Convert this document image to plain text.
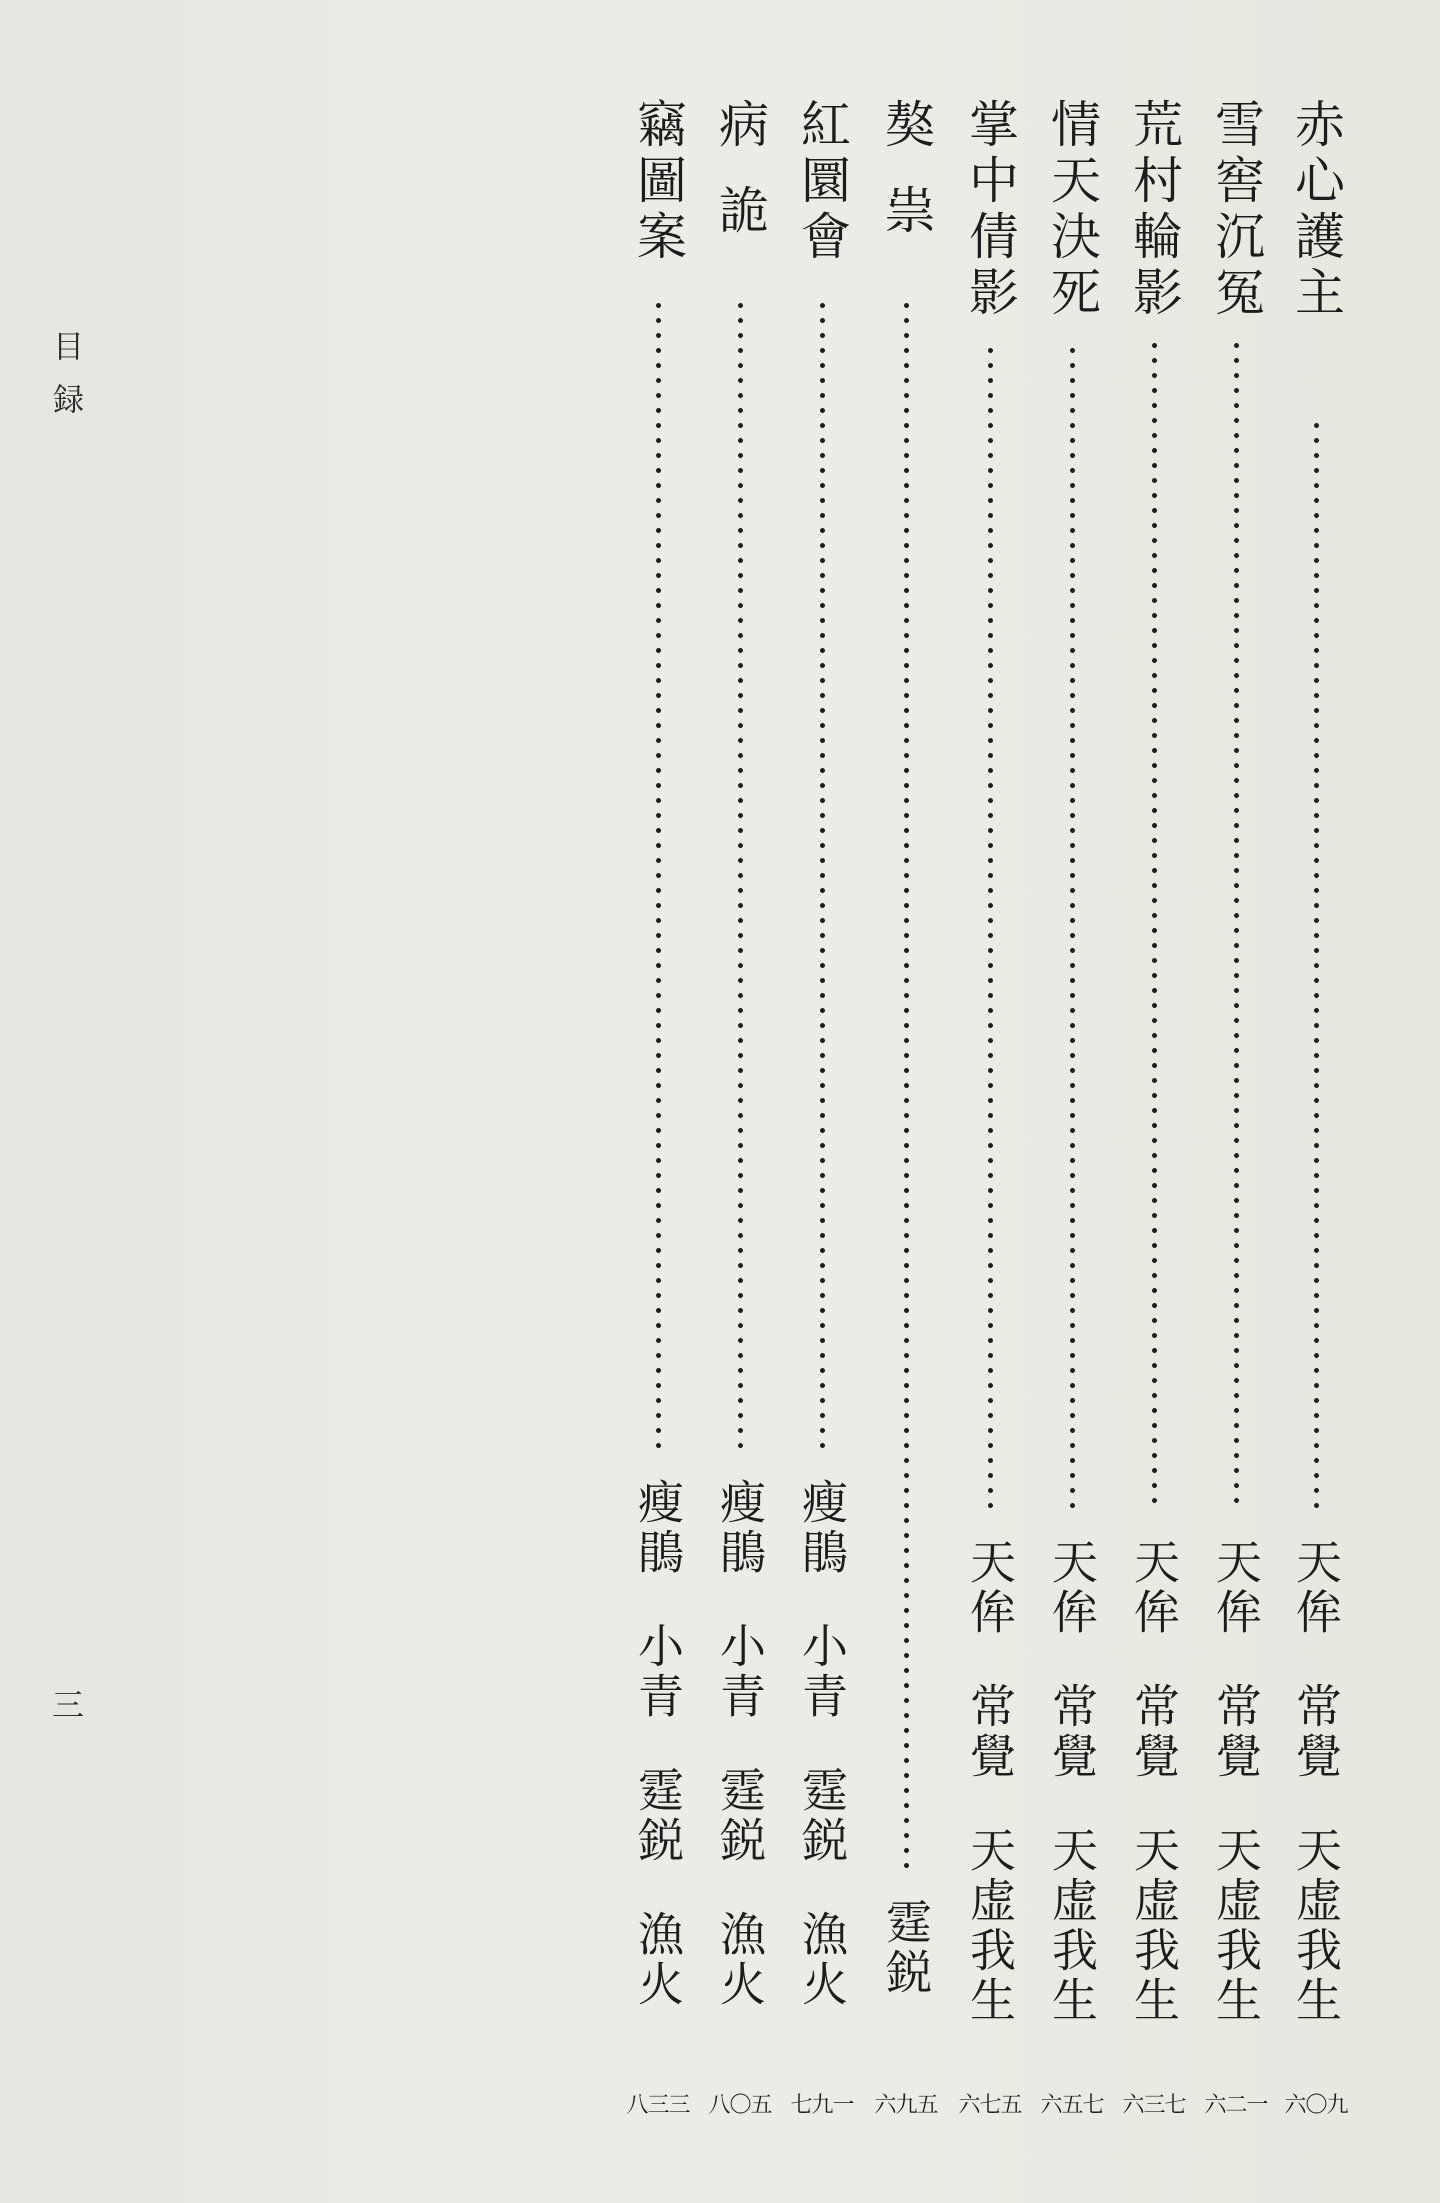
目録
三
赤心護主
天侔
常覺
天虚我生
六〇九
雪窖沉冤
天侔
常覺
天虚我生
六二一
荒村輪影
天侔
常覺
天虚我生
六三七
情天決死
天侔
常覺
天虚我生
六五七
掌中倩影
天侔
常覺
天虚我生
六七五
獒祟
霆鋭
六九五
紅圜會
瘦鵑
小青
霆鋭
漁火
七九一
病詭
瘦鵑
小青
霆鋭
漁火
八〇五
竊圖案
瘦鵑
小青
霆鋭
漁火
八三三
